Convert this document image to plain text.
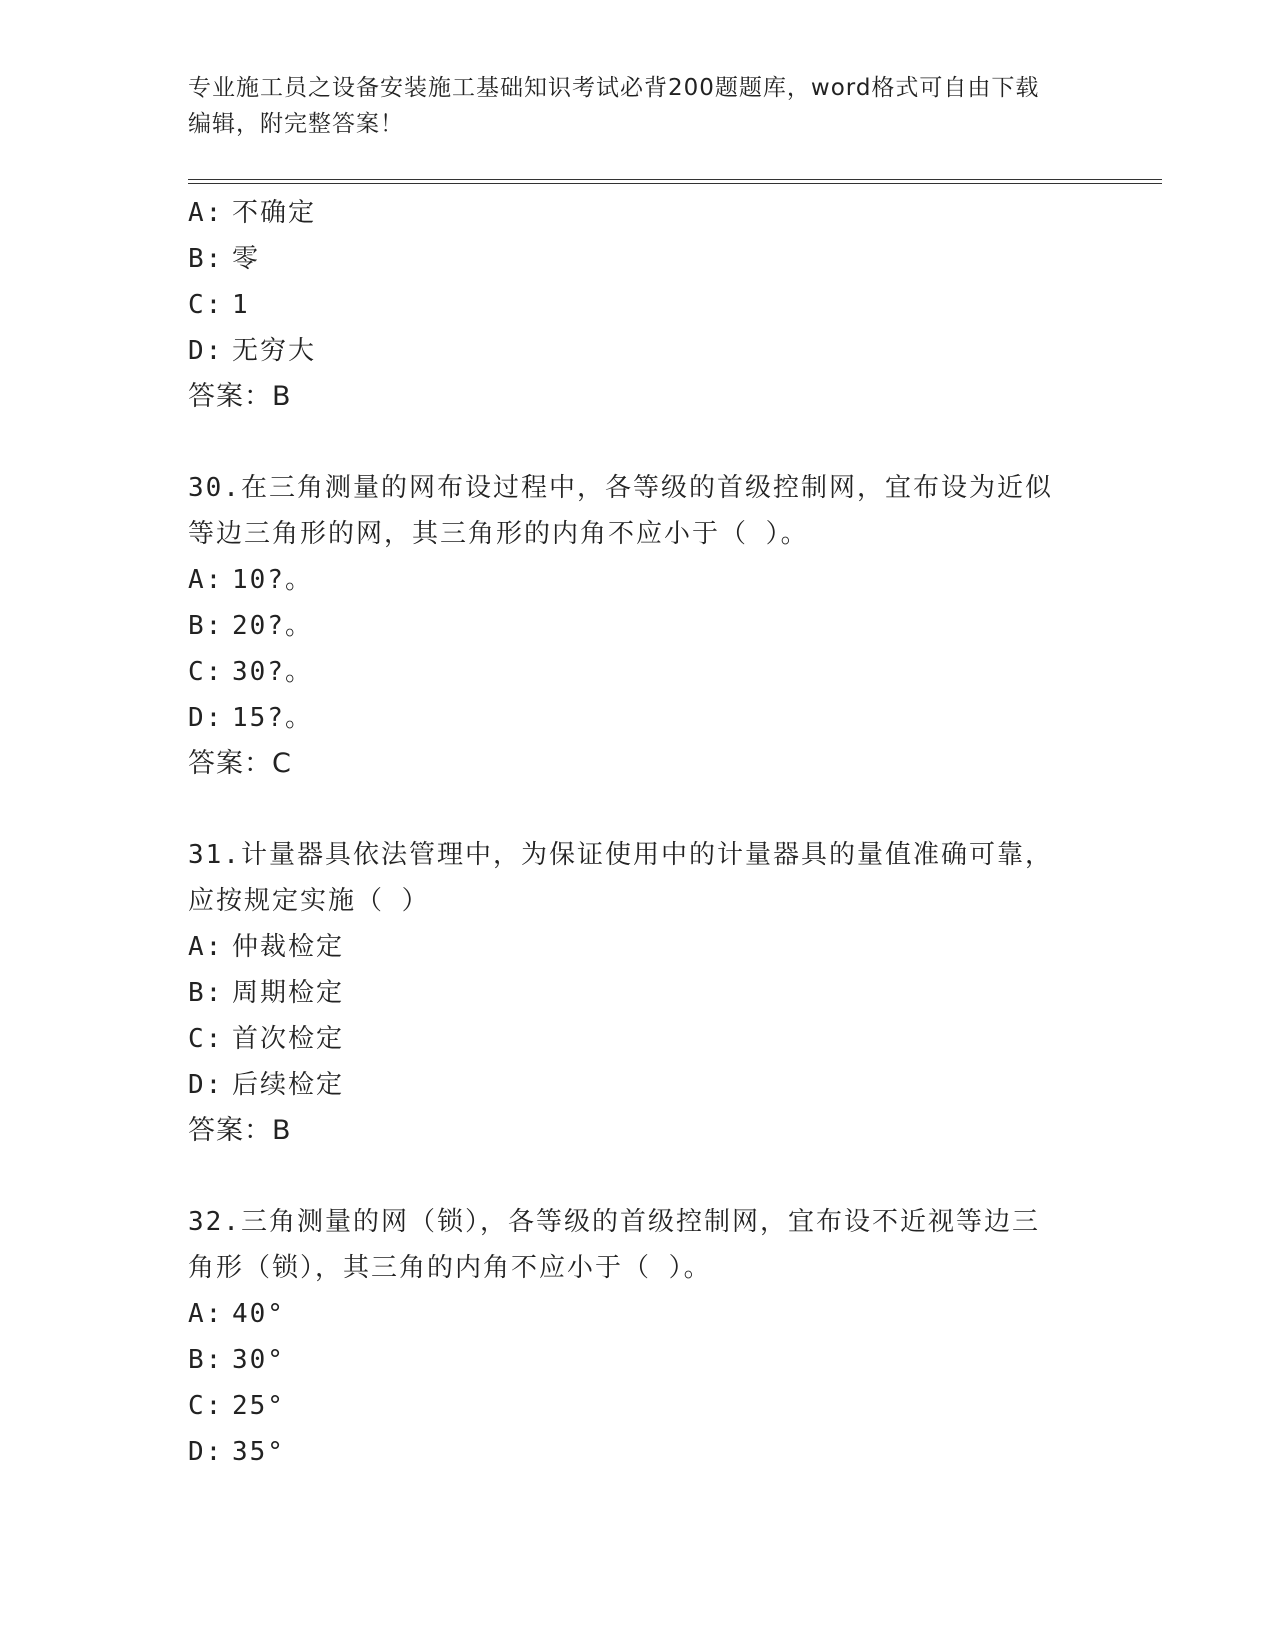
专业施工员之设备安装施工基础知识考试必背200题题库，word格式可自由下载
编辑，附完整答案！
A: 不确定
B: 零
C: 1
D: 无穷大
答案：B
30.在三角测量的网布设过程中，各等级的首级控制网，宜布设为近似
等边三角形的网，其三角形的内角不应小于（ ）。
A: 10?。
B: 20?。
C: 30?。
D: 15?。
答案：C
31.计量器具依法管理中，为保证使用中的计量器具的量值准确可靠，
应按规定实施（ ）
A: 仲裁检定
B: 周期检定
C: 首次检定
D: 后续检定
答案：B
32.三角测量的网（锁），各等级的首级控制网，宜布设不近视等边三
角形（锁），其三角的内角不应小于（ ）。
A: 40°
B: 30°
C: 25°
D: 35°
